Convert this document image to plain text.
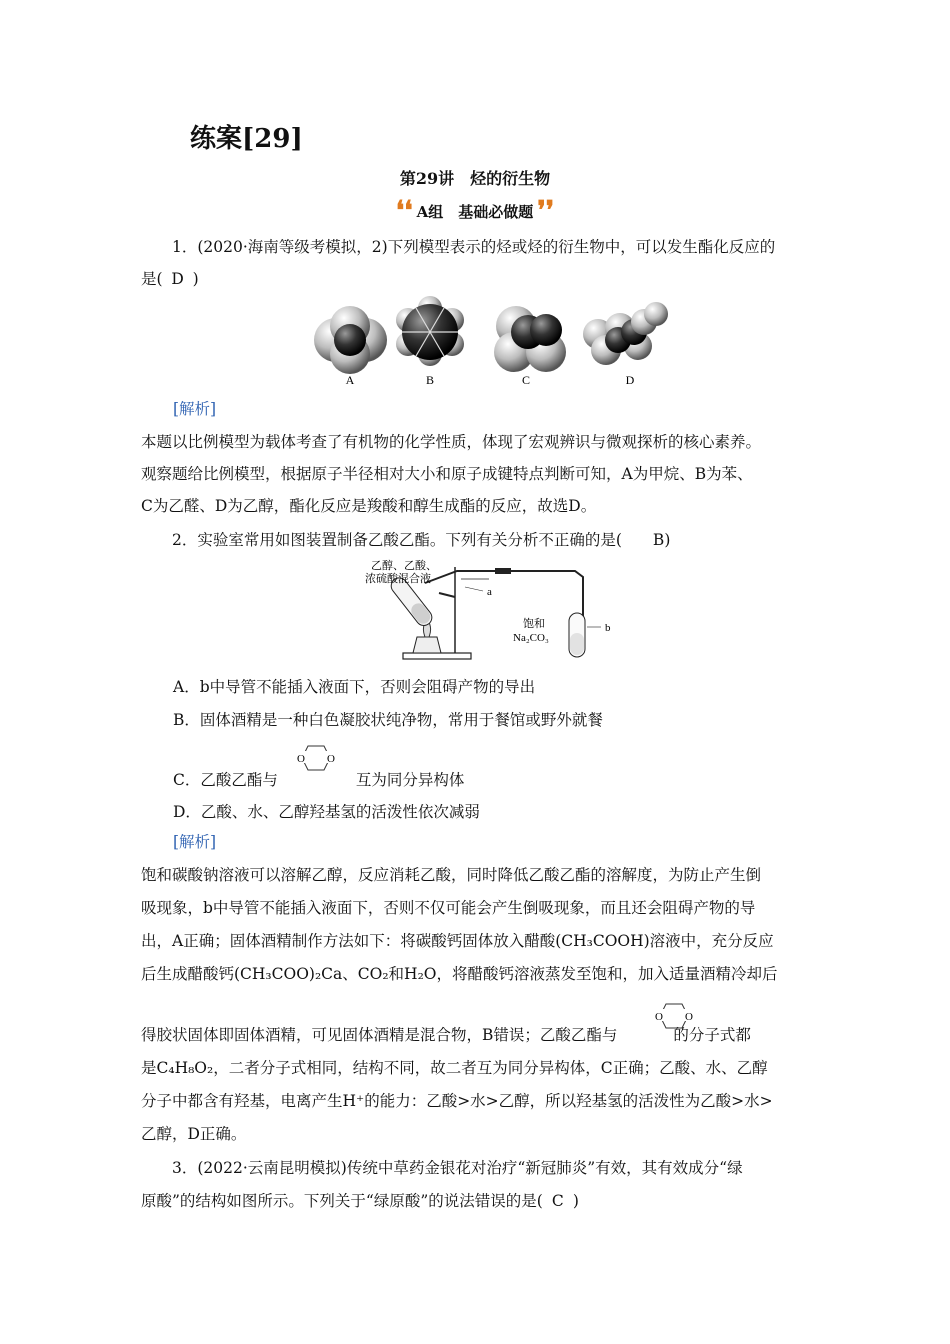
练案[29]
第29讲　烃的衍生物
❛❛ A组　基础必做题 ❜❜
1．(2020·海南等级考模拟，2)下列模型表示的烃或烃的衍生物中，可以发生酯化反应的
是( D )
A	B	C	D
[解析]
本题以比例模型为载体考查了有机物的化学性质，体现了宏观辨识与微观探析的核心素养。
观察题给比例模型，根据原子半径相对大小和原子成键特点判断可知，A为甲烷、B为苯、
C为乙醛、D为乙醇，酯化反应是羧酸和醇生成酯的反应，故选D。
2．实验室常用如图装置制备乙酸乙酯。下列有关分析不正确的是( B)
乙醇、乙酸、
浓硫酸混合液
a
饱和
Na₂CO₃
b
A．b中导管不能插入液面下，否则会阻碍产物的导出
B．固体酒精是一种白色凝胶状纯净物，常用于餐馆或野外就餐
C．乙酸乙酯与	互为同分异构体
O O
D．乙酸、水、乙醇羟基氢的活泼性依次减弱
[解析]
饱和碳酸钠溶液可以溶解乙醇，反应消耗乙酸，同时降低乙酸乙酯的溶解度，为防止产生倒
吸现象，b中导管不能插入液面下，否则不仅可能会产生倒吸现象，而且还会阻碍产物的导
出，A正确；固体酒精制作方法如下：将碳酸钙固体放入醋酸(CH₃COOH)溶液中，充分反应
后生成醋酸钙(CH₃COO)₂Ca、CO₂和H₂O，将醋酸钙溶液蒸发至饱和，加入适量酒精冷却后
得胶状固体即固体酒精，可见固体酒精是混合物，B错误；乙酸乙酯与	的分子式都
O O
是C₄H₈O₂，二者分子式相同，结构不同，故二者互为同分异构体，C正确；乙酸、水、乙醇
分子中都含有羟基，电离产生H⁺的能力：乙酸>水>乙醇，所以羟基氢的活泼性为乙酸>水>
乙醇，D正确。
3．(2022·云南昆明模拟)传统中草药金银花对治疗“新冠肺炎”有效，其有效成分“绿
原酸”的结构如图所示。下列关于“绿原酸”的说法错误的是( C )
